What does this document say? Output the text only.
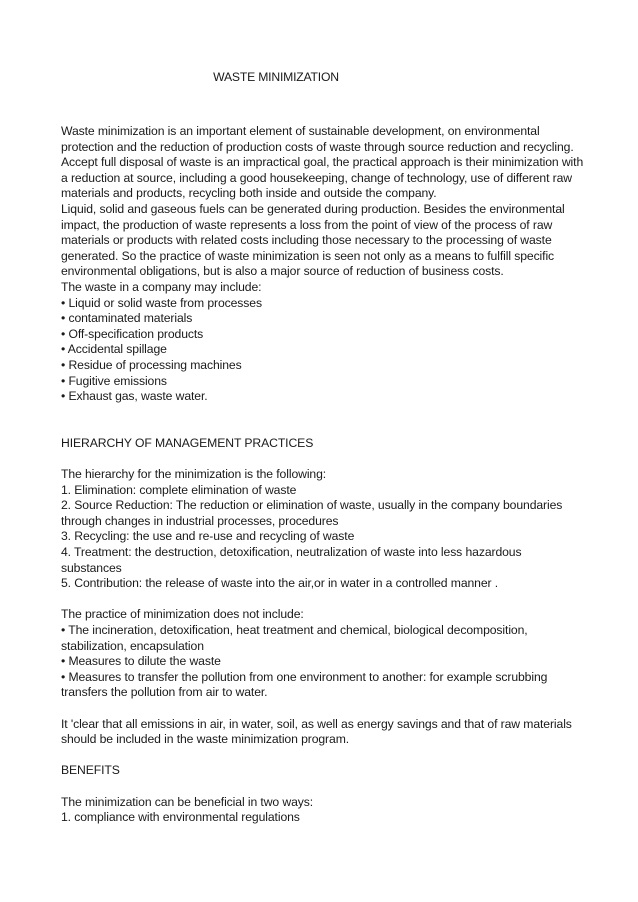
WASTE MINIMIZATION

Waste minimization is an important element of sustainable development, on environmental

protection and the reduction of production costs of waste through source reduction and recycling.

Accept full disposal of waste is an impractical goal, the practical approach is their minimization with

a reduction at source, including a good housekeeping, change of technology, use of different raw

materials and products, recycling both inside and outside the company.

Liquid, solid and gaseous fuels can be generated during production. Besides the environmental

impact, the production of waste represents a loss from the point of view of the process of raw

materials or products with related costs including those necessary to the processing of waste

generated. So the practice of waste minimization is seen not only as a means to fulfill specific

environmental obligations, but is also a major source of reduction of business costs.

The waste in a company may include:

• Liquid or solid waste from processes

• contaminated materials

• Off-specification products

• Accidental spillage

• Residue of processing machines

• Fugitive emissions

• Exhaust gas, waste water.

HIERARCHY OF MANAGEMENT PRACTICES

The hierarchy for the minimization is the following:

1. Elimination: complete elimination of waste

2. Source Reduction: The reduction or elimination of waste, usually in the company boundaries

through changes in industrial processes, procedures

3. Recycling: the use and re-use and recycling of waste

4. Treatment: the destruction, detoxification, neutralization of waste into less hazardous

substances

5. Contribution: the release of waste into the air,or in water in a controlled manner .

The practice of minimization does not include:

• The incineration, detoxification, heat treatment and chemical, biological decomposition,

stabilization, encapsulation

• Measures to dilute the waste

• Measures to transfer the pollution from one environment to another: for example scrubbing

transfers the pollution from air to water.

It 'clear that all emissions in air, in water, soil, as well as energy savings and that of raw materials

should be included in the waste minimization program.

BENEFITS

The minimization can be beneficial in two ways:

1. compliance with environmental regulations
